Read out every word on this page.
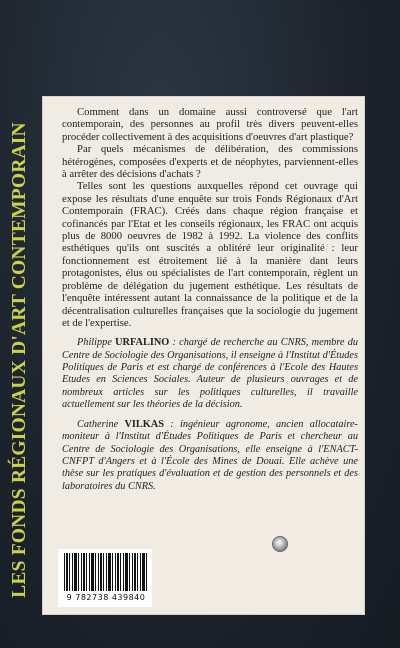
LES FONDS RÉGIONAUX D'ART CONTEMPORAIN

Comment dans un domaine aussi controversé que l'art contemporain, des personnes au profil très divers peuvent-elles procéder collectivement à des acquisitions d'oeuvres d'art plastique?

Par quels mécanismes de délibération, des commissions hétérogènes, composées d'experts et de néophytes, parviennent-elles à arrêter des décisions d'achats ?

Telles sont les questions auxquelles répond cet ouvrage qui expose les résultats d'une enquête sur trois Fonds Régionaux d'Art Contemporain (FRAC). Créés dans chaque région française et cofinancés par l'Etat et les conseils régionaux, les FRAC ont acquis plus de 8000 oeuvres de 1982 à 1992. La violence des conflits esthétiques qu'ils ont suscités a oblitéré leur originalité : leur fonctionnement est étroitement lié à la manière dant leurs protagonistes, élus ou spécialistes de l'art contemporain, règlent un problème de délégation du jugement esthétique. Les résultats de l'enquête intéressent autant la connaissance de la politique et de la décentralisation culturelles françaises que la sociologie du jugement et de l'expertise.

Philippe URFALINO : chargé de recherche au CNRS, membre du Centre de Sociologie des Organisations, il enseigne à l'Institut d'Études Politiques de Paris et est chargé de conférences à l'Ecole des Hautes Etudes en Sciences Sociales. Auteur de plusieurs ouvrages et de nombreux articles sur les politiques culturelles, il travaille actuellement sur les théories de la décision.
Catherine VILKAS : ingénieur agronome, ancien allocataire-moniteur à l'Institut d'Études Politiques de Paris et chercheur au Centre de Sociologie des Organisations, elle enseigne à l'ENACT-CNFPT d'Angers et à l'École des Mines de Douai. Elle achève une thèse sur les pratiques d'évaluation et de gestion des personnels et des laboratoires du CNRS.
9 782738 439840
